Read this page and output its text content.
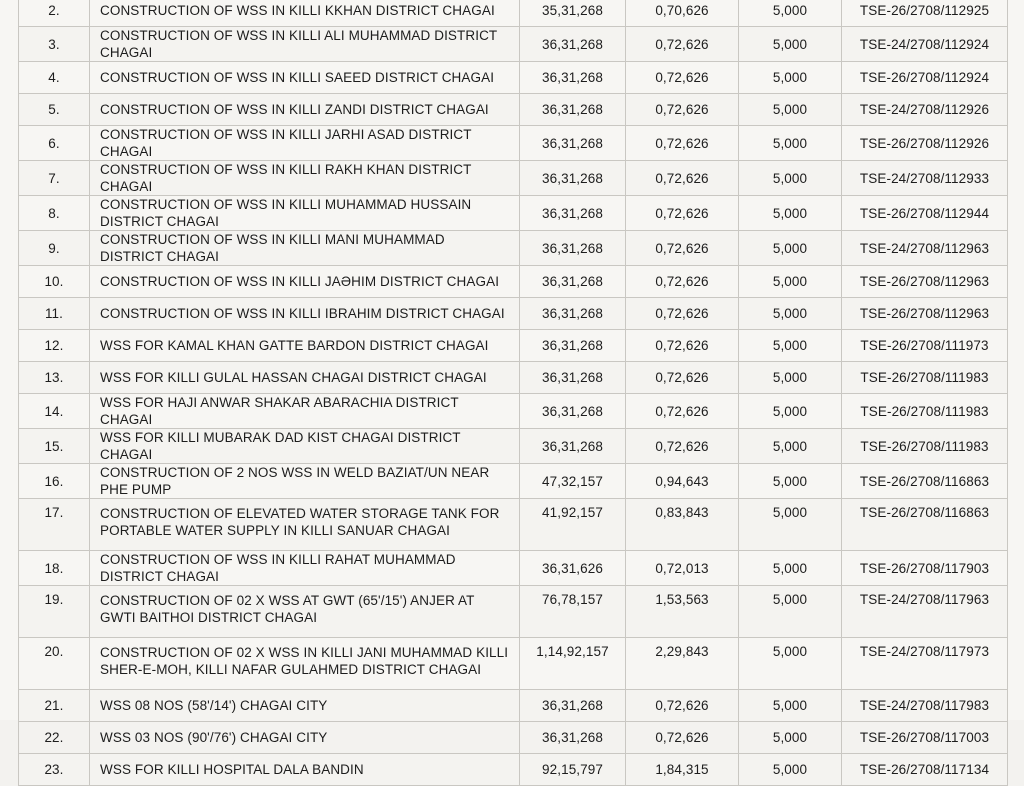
2.	CONSTRUCTION OF WSS IN KILLI KKHAN DISTRICT CHAGAI	35,31,268	0,70,626	5,000	TSE-26/2708/112925
3.	CONSTRUCTION OF WSS IN KILLI ALI MUHAMMAD DISTRICT CHAGAI	36,31,268	0,72,626	5,000	TSE-24/2708/112924
4.	CONSTRUCTION OF WSS IN KILLI SAEED DISTRICT CHAGAI	36,31,268	0,72,626	5,000	TSE-26/2708/112924
5.	CONSTRUCTION OF WSS IN KILLI ZANDI DISTRICT CHAGAI	36,31,268	0,72,626	5,000	TSE-24/2708/112926
6.	CONSTRUCTION OF WSS IN KILLI JARHI ASAD DISTRICT CHAGAI	36,31,268	0,72,626	5,000	TSE-26/2708/112926
7.	CONSTRUCTION OF WSS IN KILLI RAKH KHAN DISTRICT CHAGAI	36,31,268	0,72,626	5,000	TSE-24/2708/112933
8.	CONSTRUCTION OF WSS IN KILLI MUHAMMAD HUSSAIN DISTRICT CHAGAI	36,31,268	0,72,626	5,000	TSE-26/2708/112944
9.	CONSTRUCTION OF WSS IN KILLI MANI MUHAMMAD DISTRICT CHAGAI	36,31,268	0,72,626	5,000	TSE-24/2708/112963
10.	CONSTRUCTION OF WSS IN KILLI JAƏHIM DISTRICT CHAGAI	36,31,268	0,72,626	5,000	TSE-26/2708/112963
11.	CONSTRUCTION OF WSS IN KILLI IBRAHIM DISTRICT CHAGAI	36,31,268	0,72,626	5,000	TSE-26/2708/112963
12.	WSS FOR KAMAL KHAN GATTE BARDON DISTRICT CHAGAI	36,31,268	0,72,626	5,000	TSE-26/2708/111973
13.	WSS FOR KILLI GULAL HASSAN CHAGAI DISTRICT CHAGAI	36,31,268	0,72,626	5,000	TSE-26/2708/111983
14.	WSS FOR HAJI ANWAR SHAKAR ABARACHIA DISTRICT CHAGAI	36,31,268	0,72,626	5,000	TSE-26/2708/111983
15.	WSS FOR KILLI MUBARAK DAD KIST CHAGAI DISTRICT CHAGAI	36,31,268	0,72,626	5,000	TSE-26/2708/111983
16.	CONSTRUCTION OF 2 NOS WSS IN WELD BAZIAT/UN NEAR PHE PUMP	47,32,157	0,94,643	5,000	TSE-26/2708/116863
17.	CONSTRUCTION OF ELEVATED WATER STORAGE TANK FOR PORTABLE WATER SUPPLY IN KILLI SANUAR CHAGAI	41,92,157	0,83,843	5,000	TSE-26/2708/116863
18.	CONSTRUCTION OF WSS IN KILLI RAHAT MUHAMMAD DISTRICT CHAGAI	36,31,626	0,72,013	5,000	TSE-26/2708/117903
19.	CONSTRUCTION OF 02 X WSS AT GWT (65'/15') ANJER AT GWTI BAITHOI DISTRICT CHAGAI	76,78,157	1,53,563	5,000	TSE-24/2708/117963
20.	CONSTRUCTION OF 02 X WSS IN KILLI JANI MUHAMMAD KILLI SHER-E-MOH, KILLI NAFAR GULAHMED DISTRICT CHAGAI	1,14,92,157	2,29,843	5,000	TSE-24/2708/117973
21.	WSS 08 NOS (58'/14') CHAGAI CITY	36,31,268	0,72,626	5,000	TSE-24/2708/117983
22.	WSS 03 NOS (90'/76') CHAGAI CITY	36,31,268	0,72,626	5,000	TSE-26/2708/117003
23.	WSS FOR KILLI HOSPITAL DALA BANDIN	92,15,797	1,84,315	5,000	TSE-26/2708/117134
